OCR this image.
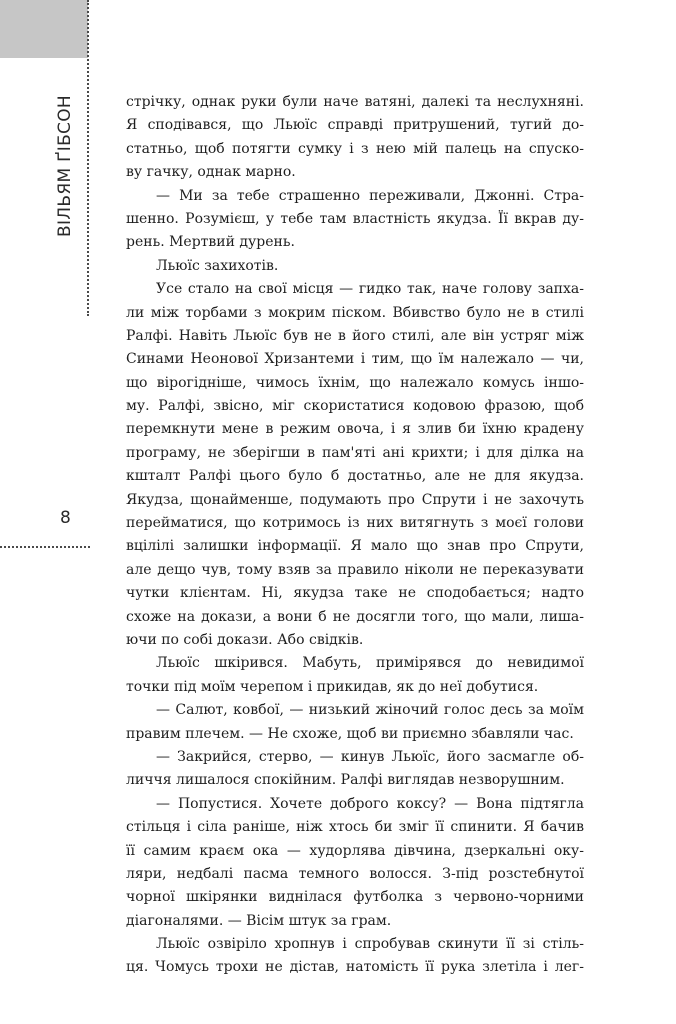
ВІЛЬЯМ ҐІБСОН
8
стрічку, однак руки були наче ватяні, далекі та неслухняні.
Я сподівався, що Льюїс справді притрушений, тугий до-
статньо, щоб потягти сумку і з нею мій палець на спуско-
ву гачку, однак марно.
— Ми за тебе страшенно переживали, Джонні. Стра-
шенно. Розумієш, у тебе там властність якудза. Її вкрав ду-
рень. Мертвий дурень.
Льюїс захихотів.
Усе стало на свої місця — гидко так, наче голову запха-
ли між торбами з мокрим піском. Вбивство було не в стилі
Ралфі. Навіть Льюїс був не в його стилі, але він устряг між
Синами Неонової Хризантеми і тим, що їм належало — чи,
що вірогідніше, чимось їхнім, що належало комусь іншо-
му. Ралфі, звісно, міг скористатися кодовою фразою, щоб
перемкнути мене в режим овоча, і я злив би їхню крадену
програму, не зберігши в пам'яті ані крихти; і для ділка на
кшталт Ралфі цього було б достатньо, але не для якудза.
Якудза, щонайменше, подумають про Спрути і не захочуть
перейматися, що котримось із них витягнуть з моєї голови
вцілілі залишки інформації. Я мало що знав про Спрути,
але дещо чув, тому взяв за правило ніколи не переказувати
чутки клієнтам. Ні, якудза таке не сподобається; надто
схоже на докази, а вони б не досягли того, що мали, лиша-
ючи по собі докази. Або свідків.
Льюїс шкірився. Мабуть, примірявся до невидимої
точки під моїм черепом і прикидав, як до неї добутися.
— Салют, ковбої, — низький жіночий голос десь за моїм
правим плечем. — Не схоже, щоб ви приємно збавляли час.
— Закрийся, стерво, — кинув Льюїс, його засмагле об-
личчя лишалося спокійним. Ралфі виглядав незворушним.
— Попустися. Хочете доброго коксу? — Вона підтягла
стільця і сіла раніше, ніж хтось би зміг її спинити. Я бачив
її самим краєм ока — худорлява дівчина, дзеркальні оку-
ляри, недбалі пасма темного волосся. З-під розстебнутої
чорної шкірянки виднілася футболка з червоно-чорними
діагоналями. — Вісім штук за грам.
Льюїс озвіріло хропнув і спробував скинути її зі стіль-
ця. Чомусь трохи не дістав, натомість її рука злетіла і лег-
